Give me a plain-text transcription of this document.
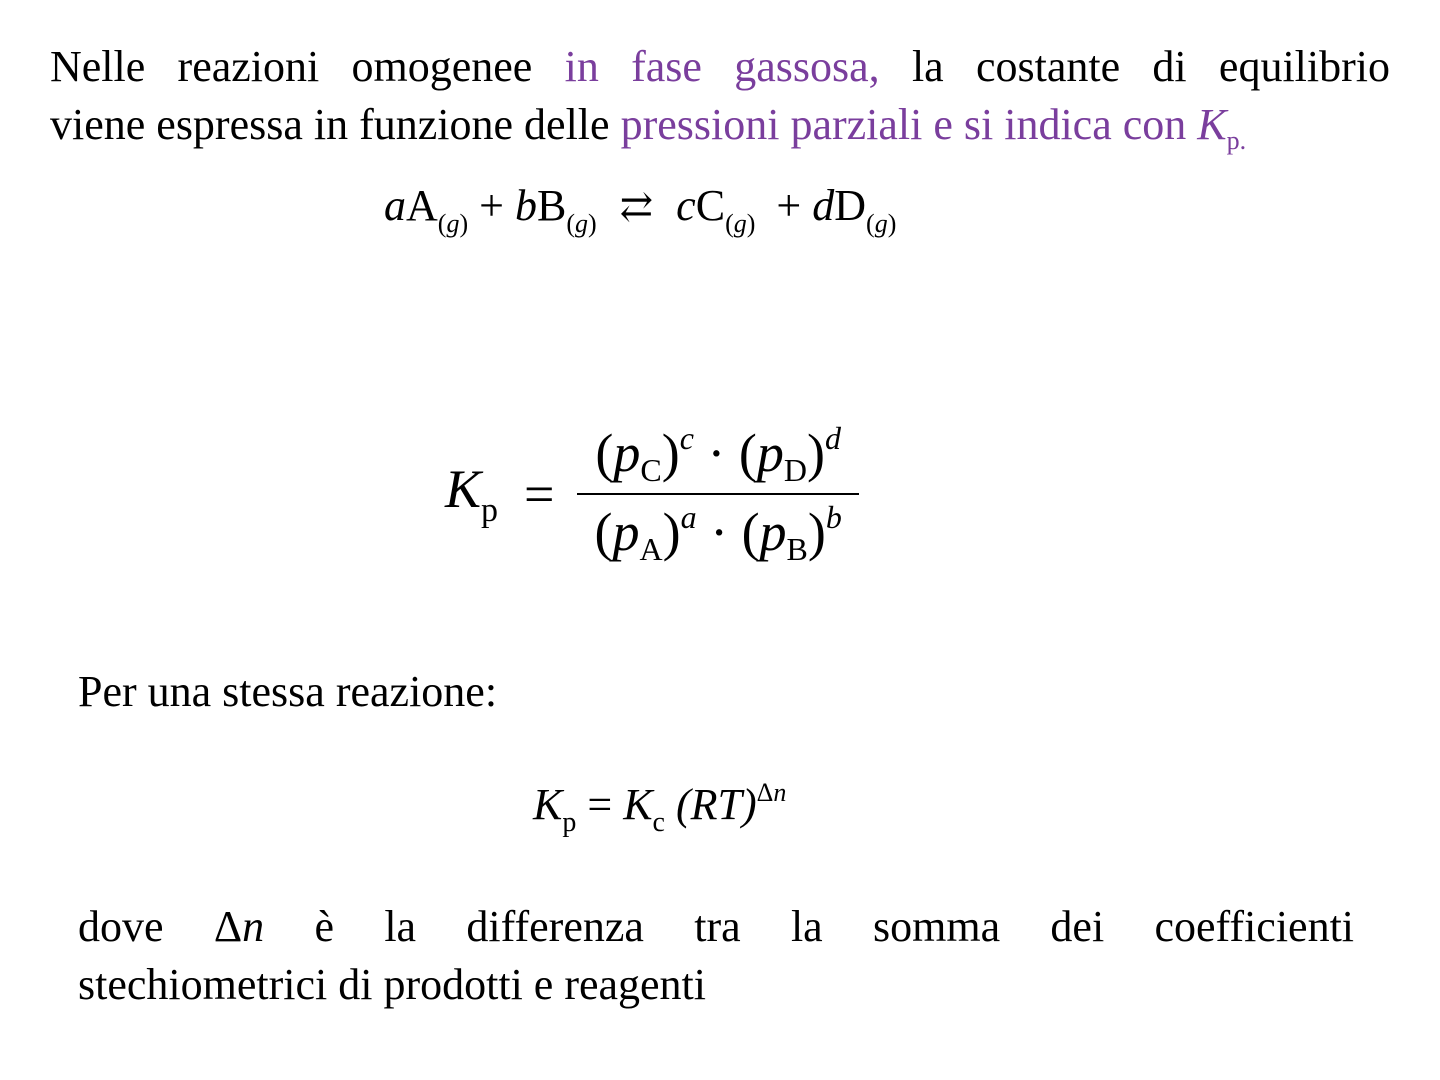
Nelle reazioni omogenee in fase gassosa, la costante di equilibrio
viene espressa in funzione delle pressioni parziali e si indica con $K_{p.}$
$aA_{(g)} + bB_{(g)}$ ⇄ $cC_{(g)} + dD_{(g)}$
$K_p = \frac{(p_C)^c \cdot (p_D)^d}{(p_A)^a \cdot (p_B)^b}$
Per una stessa reazione:
$K_p = K_c$ (RT)$^{\Delta n}$
dove Δn è la differenza tra la somma dei coefficienti
stechiometrici di prodotti e reagenti
